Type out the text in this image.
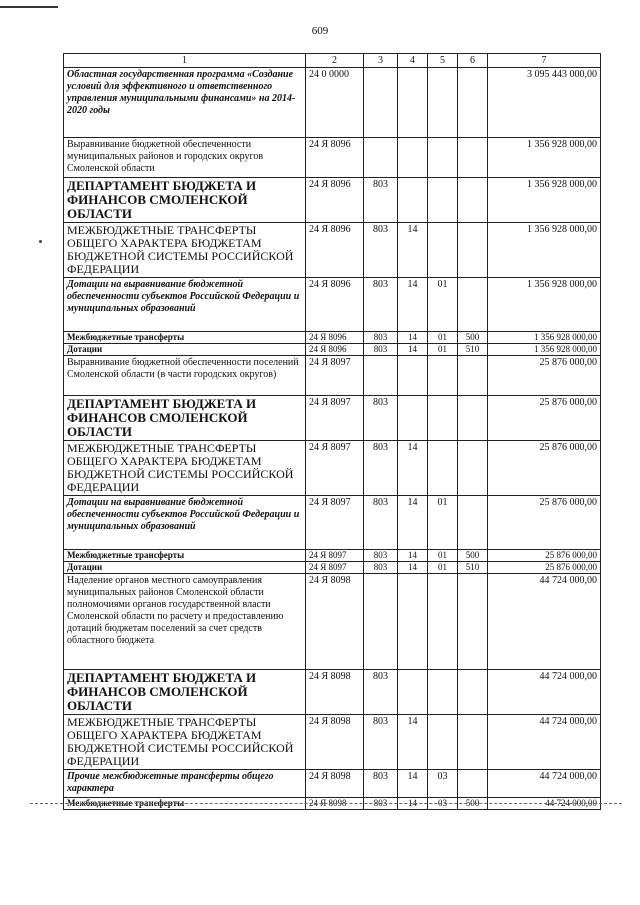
609
1	2	3	4	5	6	7
Областная государственная программа «Создание условий для эффективного и ответственного управления муниципальными финансами» на 2014-2020 годы	24 0 0000					3 095 443 000,00
Выравнивание бюджетной обеспеченности муниципальных районов и городских округов Смоленской области	24 Я 8096					1 356 928 000,00
ДЕПАРТАМЕНТ БЮДЖЕТА И ФИНАНСОВ СМОЛЕНСКОЙ ОБЛАСТИ	24 Я 8096	803				1 356 928 000,00
МЕЖБЮДЖЕТНЫЕ ТРАНСФЕРТЫ ОБЩЕГО ХАРАКТЕРА БЮДЖЕТАМ БЮДЖЕТНОЙ СИСТЕМЫ РОССИЙСКОЙ ФЕДЕРАЦИИ	24 Я 8096	803	14			1 356 928 000,00
Дотации на выравнивание бюджетной обеспеченности субъектов Российской Федерации и муниципальных образований	24 Я 8096	803	14	01		1 356 928 000,00
Межбюджетные трансферты	24 Я 8096	803	14	01	500	1 356 928 000,00
Дотации	24 Я 8096	803	14	01	510	1 356 928 000,00
Выравнивание бюджетной обеспеченности поселений Смоленской области (в части городских округов)	24 Я 8097					25 876 000,00
ДЕПАРТАМЕНТ БЮДЖЕТА И ФИНАНСОВ СМОЛЕНСКОЙ ОБЛАСТИ	24 Я 8097	803				25 876 000,00
МЕЖБЮДЖЕТНЫЕ ТРАНСФЕРТЫ ОБЩЕГО ХАРАКТЕРА БЮДЖЕТАМ БЮДЖЕТНОЙ СИСТЕМЫ РОССИЙСКОЙ ФЕДЕРАЦИИ	24 Я 8097	803	14			25 876 000,00
Дотации на выравнивание бюджетной обеспеченности субъектов Российской Федерации и муниципальных образований	24 Я 8097	803	14	01		25 876 000,00
Межбюджетные трансферты	24 Я 8097	803	14	01	500	25 876 000,00
Дотации	24 Я 8097	803	14	01	510	25 876 000,00
Наделение органов местного самоуправления муниципальных районов Смоленской области полномочиями органов государственной власти Смоленской области по расчету и предоставлению дотаций бюджетам поселений за счет средств областного бюджета	24 Я 8098					44 724 000,00
ДЕПАРТАМЕНТ БЮДЖЕТА И ФИНАНСОВ СМОЛЕНСКОЙ ОБЛАСТИ	24 Я 8098	803				44 724 000,00
МЕЖБЮДЖЕТНЫЕ ТРАНСФЕРТЫ ОБЩЕГО ХАРАКТЕРА БЮДЖЕТАМ БЮДЖЕТНОЙ СИСТЕМЫ РОССИЙСКОЙ ФЕДЕРАЦИИ	24 Я 8098	803	14			44 724 000,00
Прочие межбюджетные трансферты общего характера	24 Я 8098	803	14	03		44 724 000,00
Межбюджетные трансферты	24 Я 8098	803	14	03	500	44 724 000,00
